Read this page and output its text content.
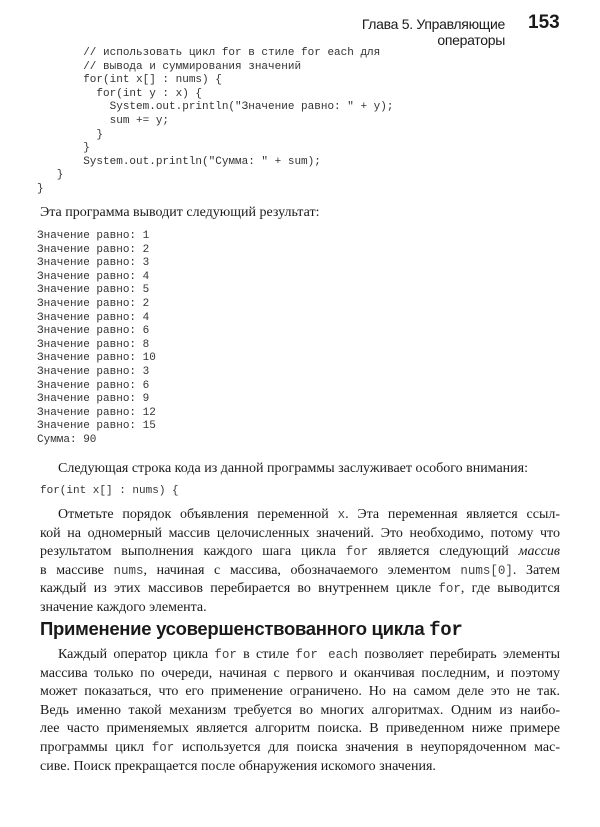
Глава 5. Управляющие операторы
153
// использовать цикл for в стиле for each для
// вывода и суммирования значений
for(int x[] : nums) {
for(int y : x) {
System.out.println("Значение равно: " + y);
sum += y;
}
}
System.out.println("Сумма: " + sum);
}
}

Эта программа выводит следующий результат:
Значение равно: 1
Значение равно: 2
Значение равно: 3
Значение равно: 4
Значение равно: 5
Значение равно: 2
Значение равно: 4
Значение равно: 6
Значение равно: 8
Значение равно: 10
Значение равно: 3
Значение равно: 6
Значение равно: 9
Значение равно: 12
Значение равно: 15
Сумма: 90

Следующая строка кода из данной программы заслуживает особого внимания:
for(int x[] : nums) {
Отметьте порядок объявления переменной x. Эта переменная является ссыл-
кой на одномерный массив целочисленных значений. Это необходимо, потому что
результатом выполнения каждого шага цикла for является следующий массив
в массиве nums, начиная с массива, обозначаемого элементом nums[0]. Затем
каждый из этих массивов перебирается во внутреннем цикле for, где выводится
значение каждого элемента.
Применение усовершенствованного цикла for
Каждый оператор цикла for в стиле for each позволяет перебирать элементы
массива только по очереди, начиная с первого и оканчивая последним, и поэтому
может показаться, что его применение ограничено. Но на самом деле это не так.
Ведь именно такой механизм требуется во многих алгоритмах. Одним из наибо-
лее часто применяемых является алгоритм поиска. В приведенном ниже примере
программы цикл for используется для поиска значения в неупорядоченном мас-
сиве. Поиск прекращается после обнаружения искомого значения.
